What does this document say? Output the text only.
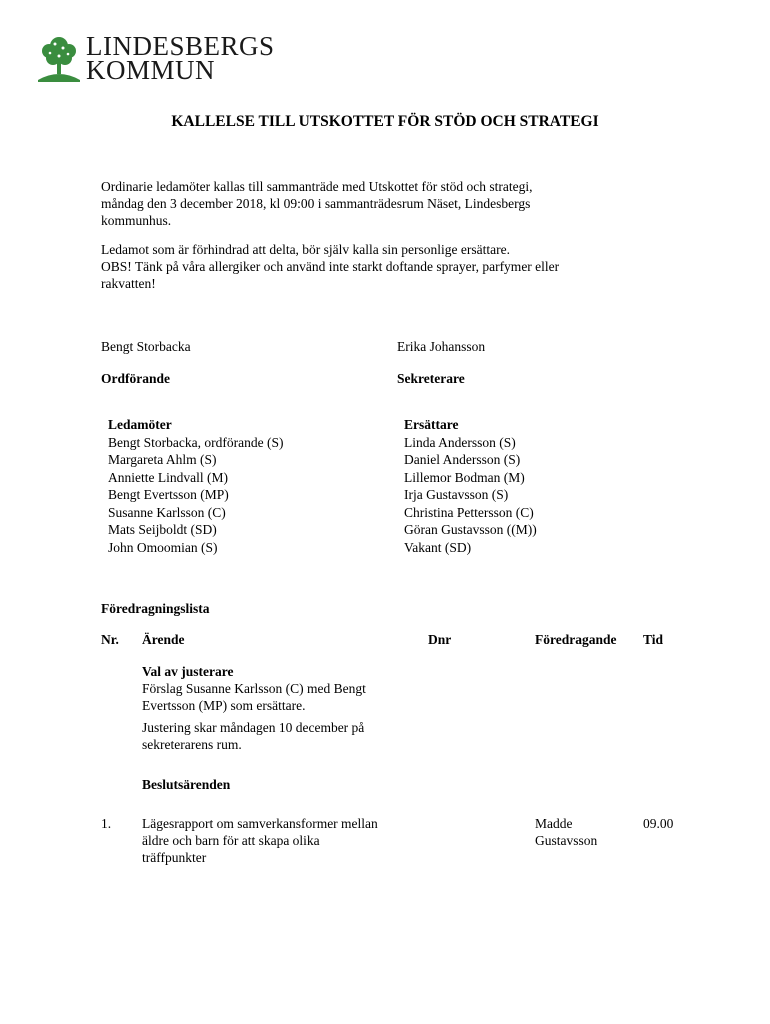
LINDESBERGS
KOMMUN
KALLELSE TILL UTSKOTTET FÖR STÖD OCH STRATEGI
Ordinarie ledamöter kallas till sammanträde med Utskottet för stöd och strategi,
måndag den 3 december 2018, kl 09:00 i sammanträdesrum Näset, Lindesbergs
kommunhus.
Ledamot som är förhindrad att delta, bör själv kalla sin personlige ersättare.
OBS! Tänk på våra allergiker och använd inte starkt doftande sprayer, parfymer eller
rakvatten!
Bengt Storbacka
Ordförande
Erika Johansson
Sekreterare
Ledamöter
Bengt Storbacka, ordförande (S)
Margareta Ahlm (S)
Anniette Lindvall (M)
Bengt Evertsson (MP)
Susanne Karlsson (C)
Mats Seijboldt (SD)
John Omoomian (S)
Ersättare
Linda Andersson (S)
Daniel Andersson (S)
Lillemor Bodman (M)
Irja Gustavsson (S)
Christina Pettersson (C)
Göran Gustavsson ((M))
Vakant (SD)
Föredragningslista
Nr. Ärende	Dnr	Föredragande Tid
Val av justerare
Förslag Susanne Karlsson (C) med Bengt
Evertsson (MP) som ersättare.
Justering skar måndagen 10 december på
sekreterarens rum.
Beslutsärenden
1. Lägesrapport om samverkansformer mellan
äldre och barn för att skapa olika
träffpunkter
Madde
Gustavsson
09.00
